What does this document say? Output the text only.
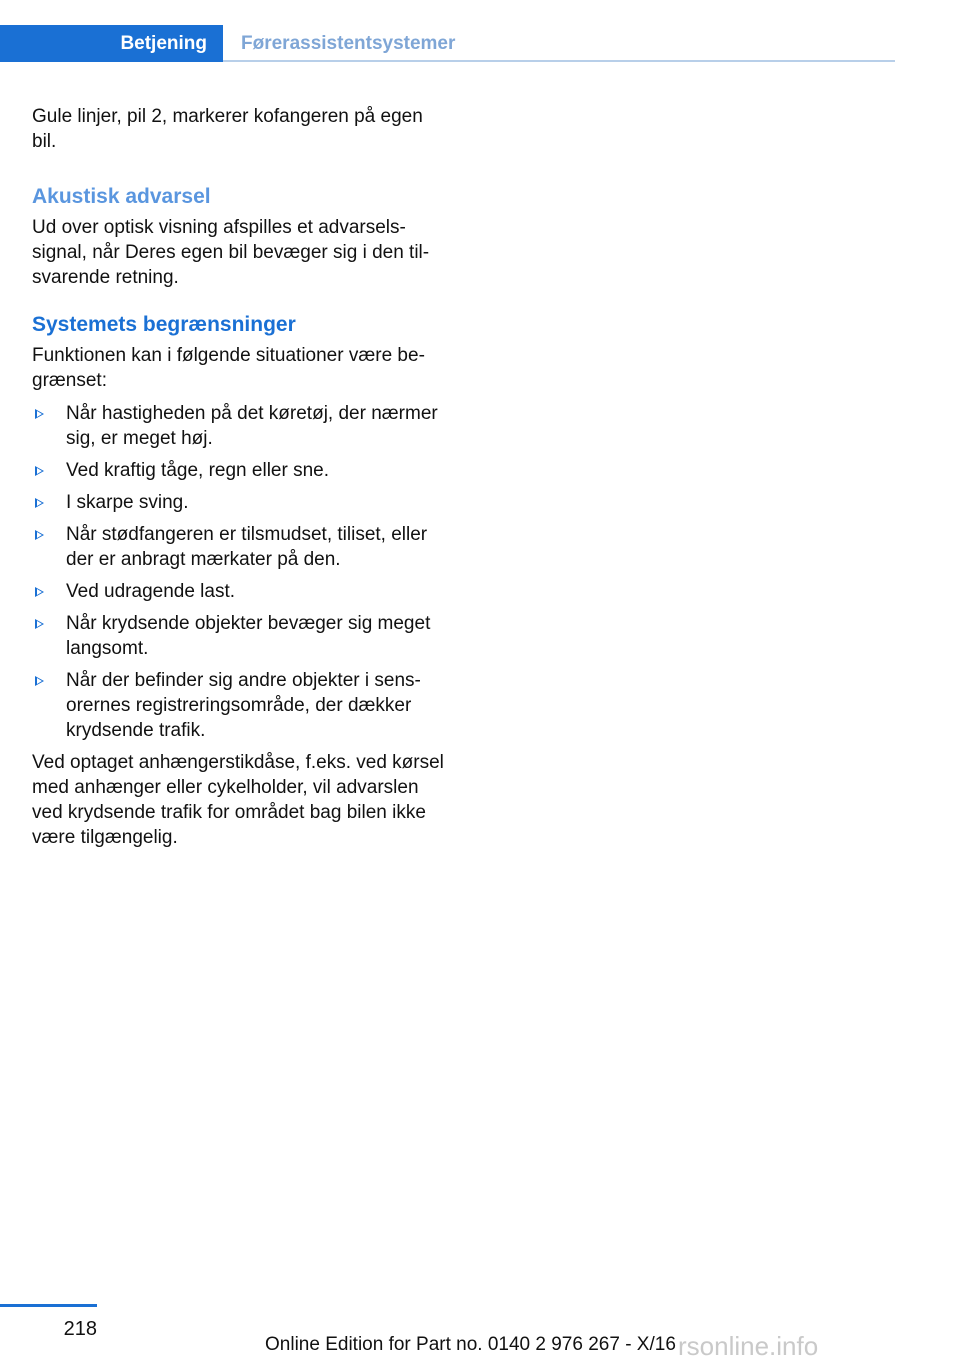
Betjening	Førerassistentsystemer

Gule linjer, pil 2, markerer kofangeren på egen bil.

Akustisk advarsel

Ud over optisk visning afspilles et advarselssignal, når Deres egen bil bevæger sig i den tilsvarende retning.

Systemets begrænsninger

Funktionen kan i følgende situationer være begrænset:

Når hastigheden på det køretøj, der nærmer sig, er meget høj.
Ved kraftig tåge, regn eller sne.
I skarpe sving.
Når stødfangeren er tilsmudset, tiliset, eller der er anbragt mærkater på den.
Ved udragende last.
Når krydsende objekter bevæger sig meget langsomt.
Når der befinder sig andre objekter i sensorernes registreringsområde, der dækker krydsende trafik.

Ved optaget anhængerstikdåse, f.eks. ved kørsel med anhænger eller cykelholder, vil advarslen ved krydsende trafik for området bag bilen ikke være tilgængelig.

218
Online Edition for Part no. 0140 2 976 267 - X/16 rsonline.info
